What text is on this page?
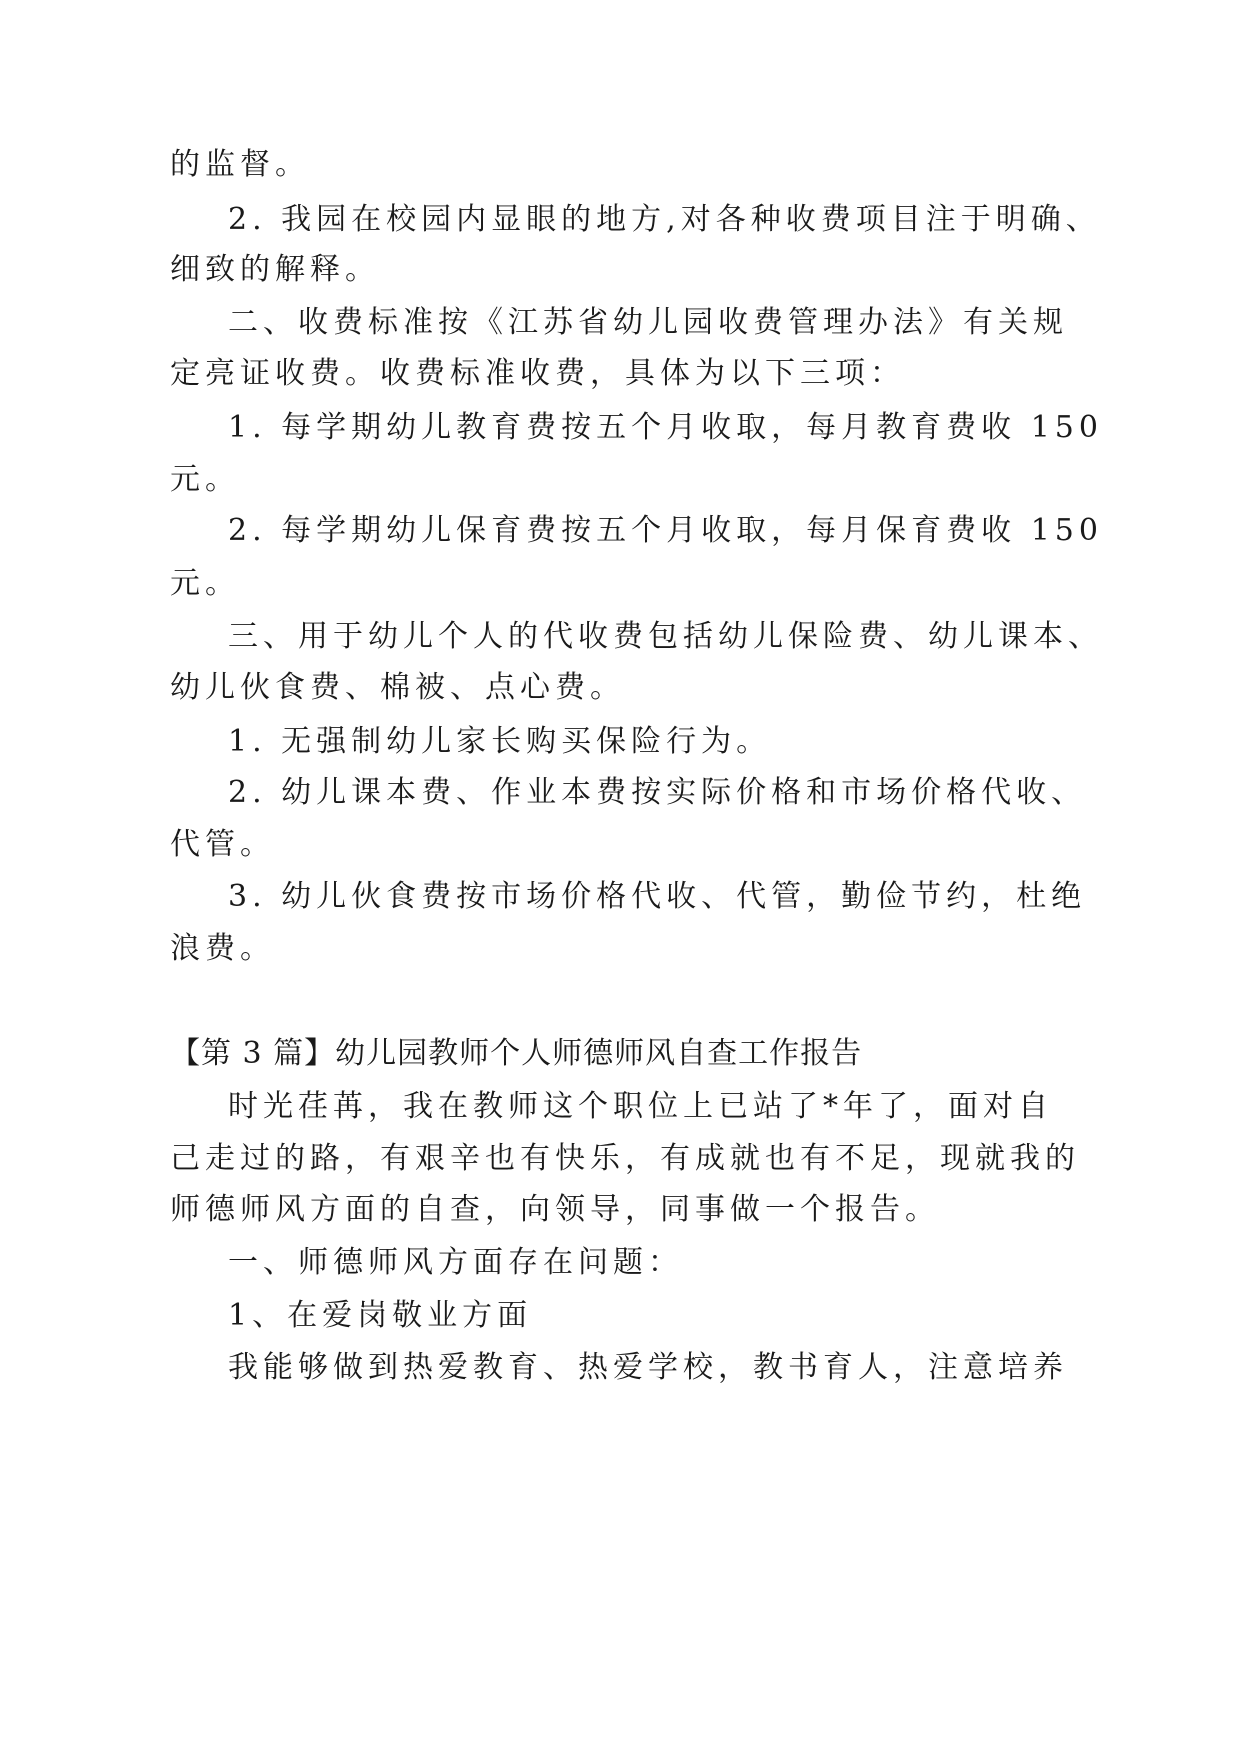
的监督。
2. 我园在校园内显眼的地方,对各种收费项目注于明确、
细致的解释。
二、收费标准按《江苏省幼儿园收费管理办法》有关规
定亮证收费。收费标准收费，具体为以下三项：
1. 每学期幼儿教育费按五个月收取，每月教育费收 150
元。
2. 每学期幼儿保育费按五个月收取，每月保育费收 150
元。
三、用于幼儿个人的代收费包括幼儿保险费、幼儿课本、
幼儿伙食费、棉被、点心费。
1. 无强制幼儿家长购买保险行为。
2. 幼儿课本费、作业本费按实际价格和市场价格代收、
代管。
3. 幼儿伙食费按市场价格代收、代管，勤俭节约，杜绝
浪费。
【第 3 篇】幼儿园教师个人师德师风自查工作报告
时光荏苒，我在教师这个职位上已站了*年了，面对自
己走过的路，有艰辛也有快乐，有成就也有不足，现就我的
师德师风方面的自查，向领导，同事做一个报告。
一、师德师风方面存在问题：
1、在爱岗敬业方面
我能够做到热爱教育、热爱学校，教书育人，注意培养
